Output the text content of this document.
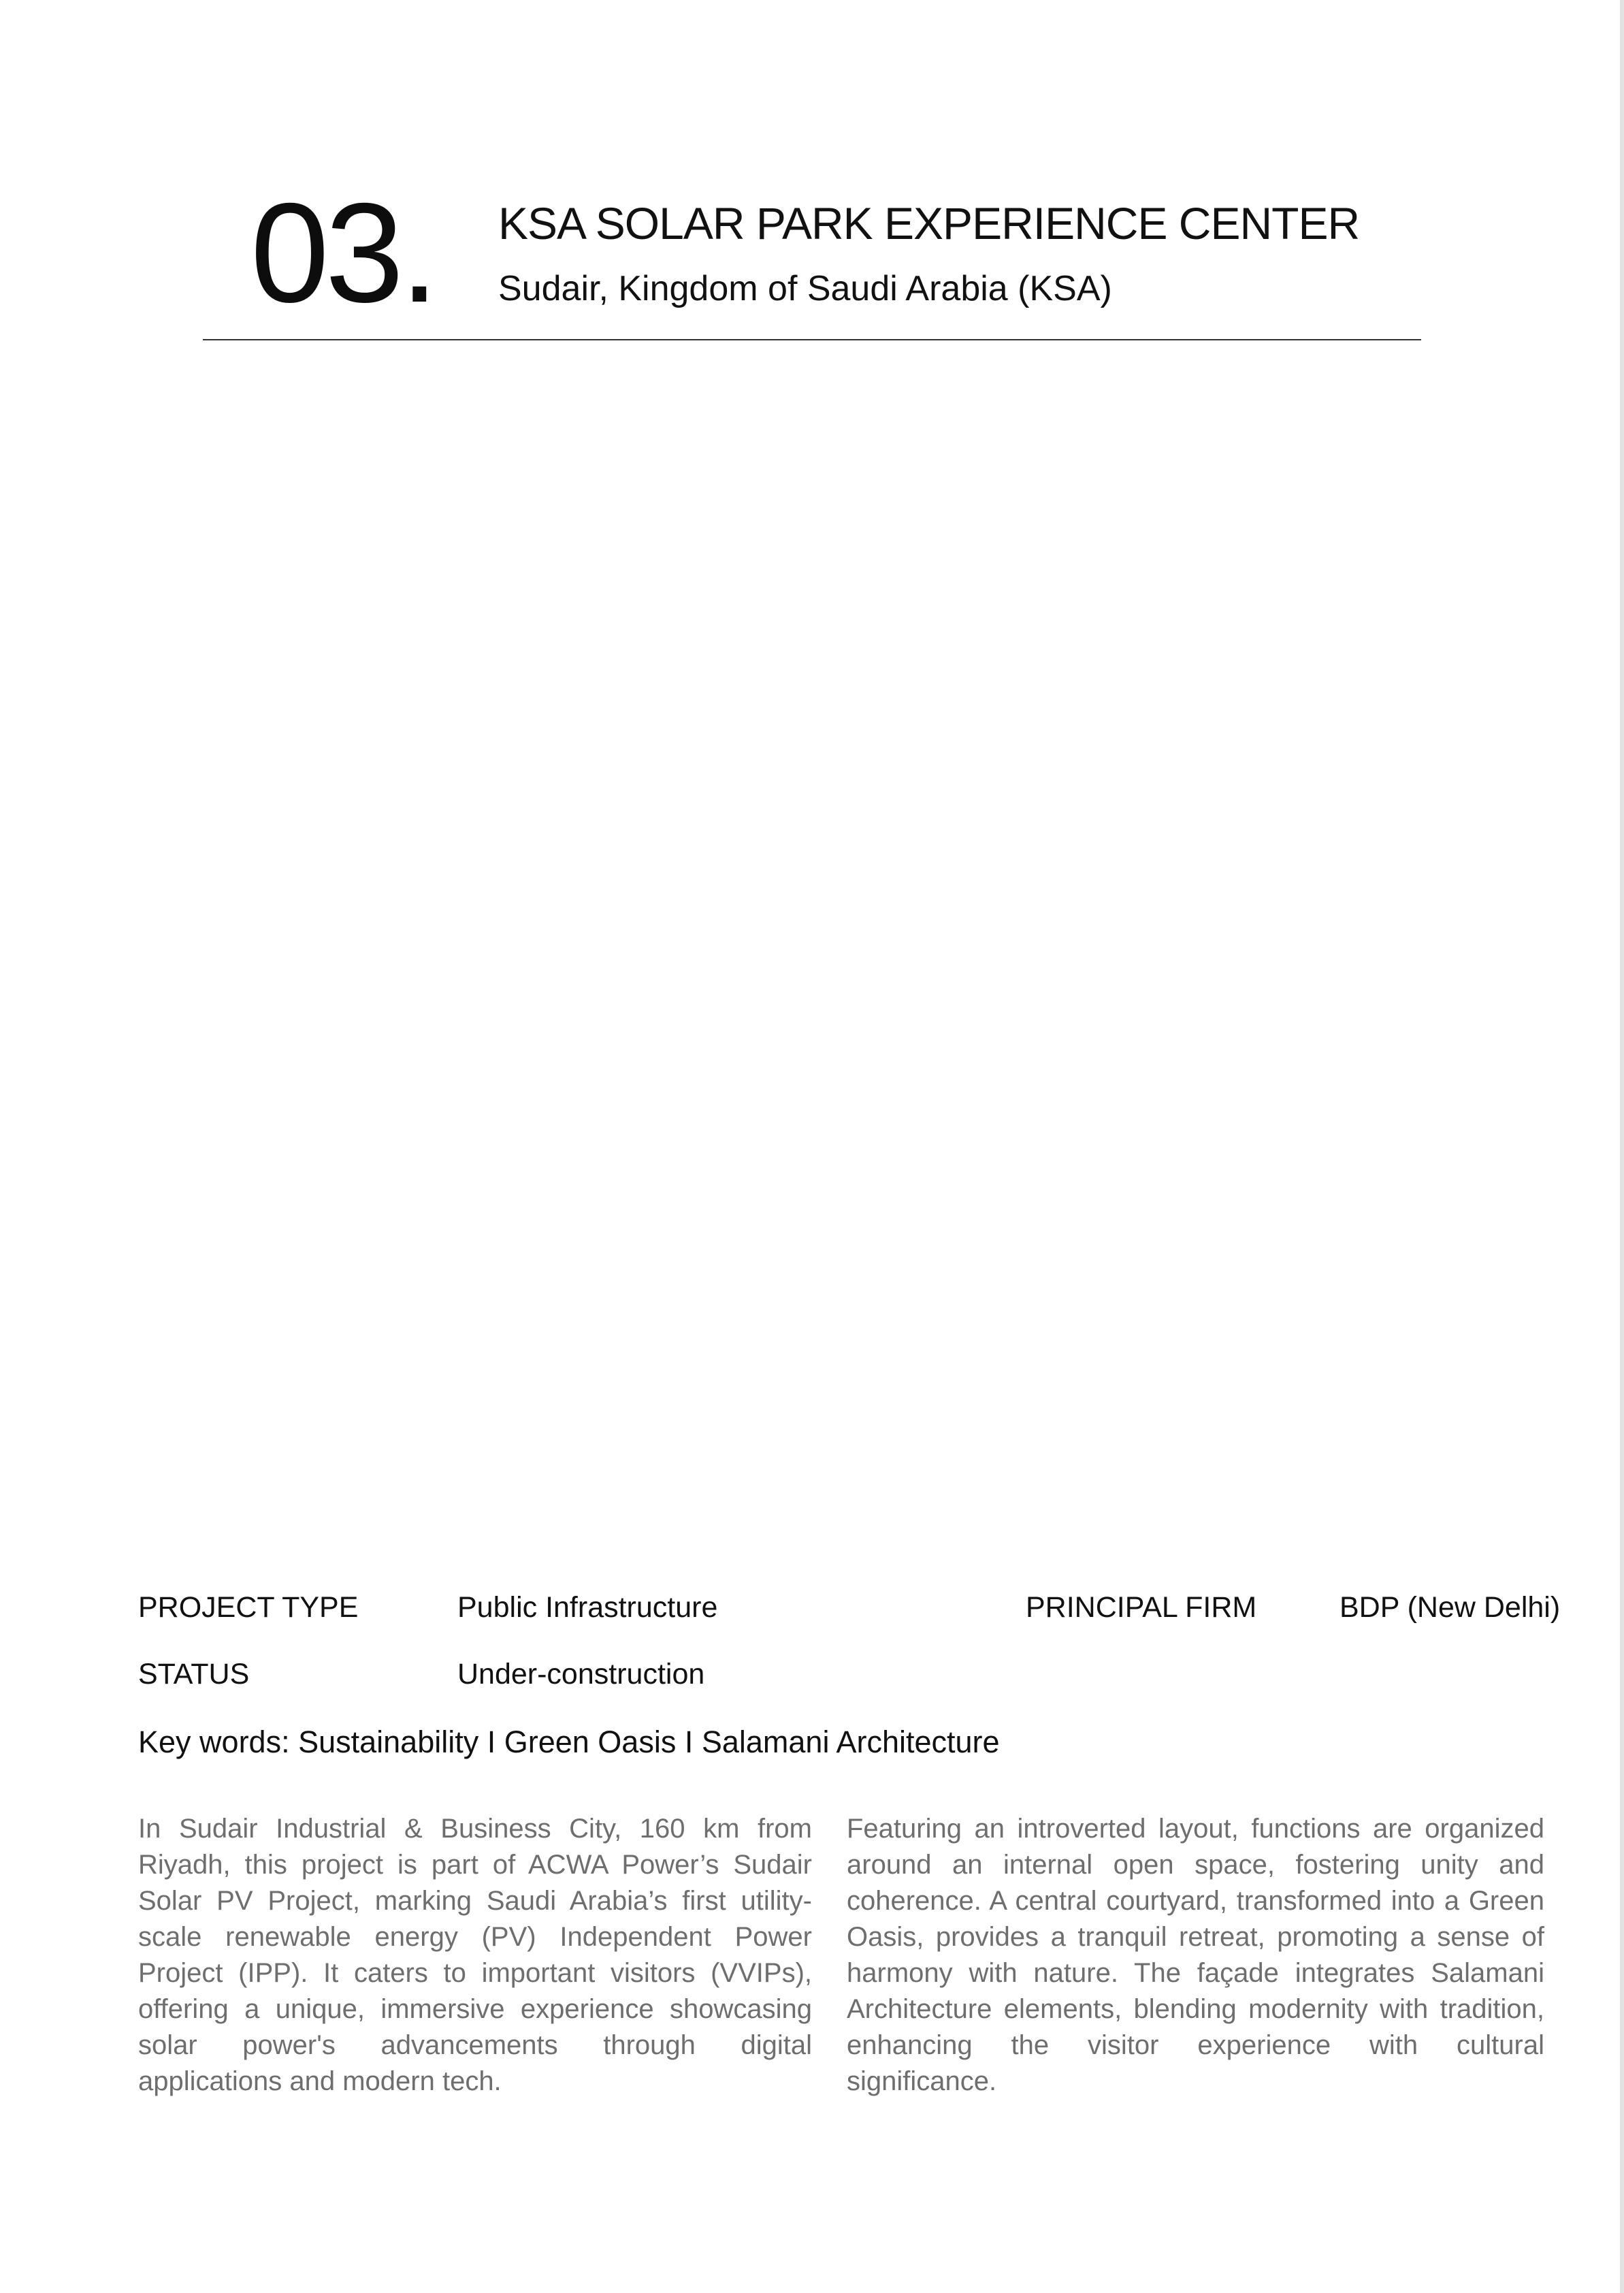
03. KSA SOLAR PARK EXPERIENCE CENTER
Sudair, Kingdom of Saudi Arabia (KSA)
PROJECT TYPE	Public Infrastructure	PRINCIPAL FIRM	BDP (New Delhi)
STATUS	Under-construction
Key words: Sustainability I Green Oasis I Salamani Architecture
In Sudair Industrial & Business City, 160 km from Riyadh, this project is part of ACWA Power’s Sudair Solar PV Project, marking Saudi Arabia’s first utility-scale renewable energy (PV) Independent Power Project (IPP). It caters to important visitors (VVIPs), offering a unique, immersive experience showcasing solar power's advancements through digital applications and modern tech.
Featuring an introverted layout, functions are organized around an internal open space, fostering unity and coherence. A central courtyard, transformed into a Green Oasis, provides a tranquil retreat, promoting a sense of harmony with nature. The façade integrates Salamani Architecture elements, blending modernity with tradition, enhancing the visitor experience with cultural significance.
